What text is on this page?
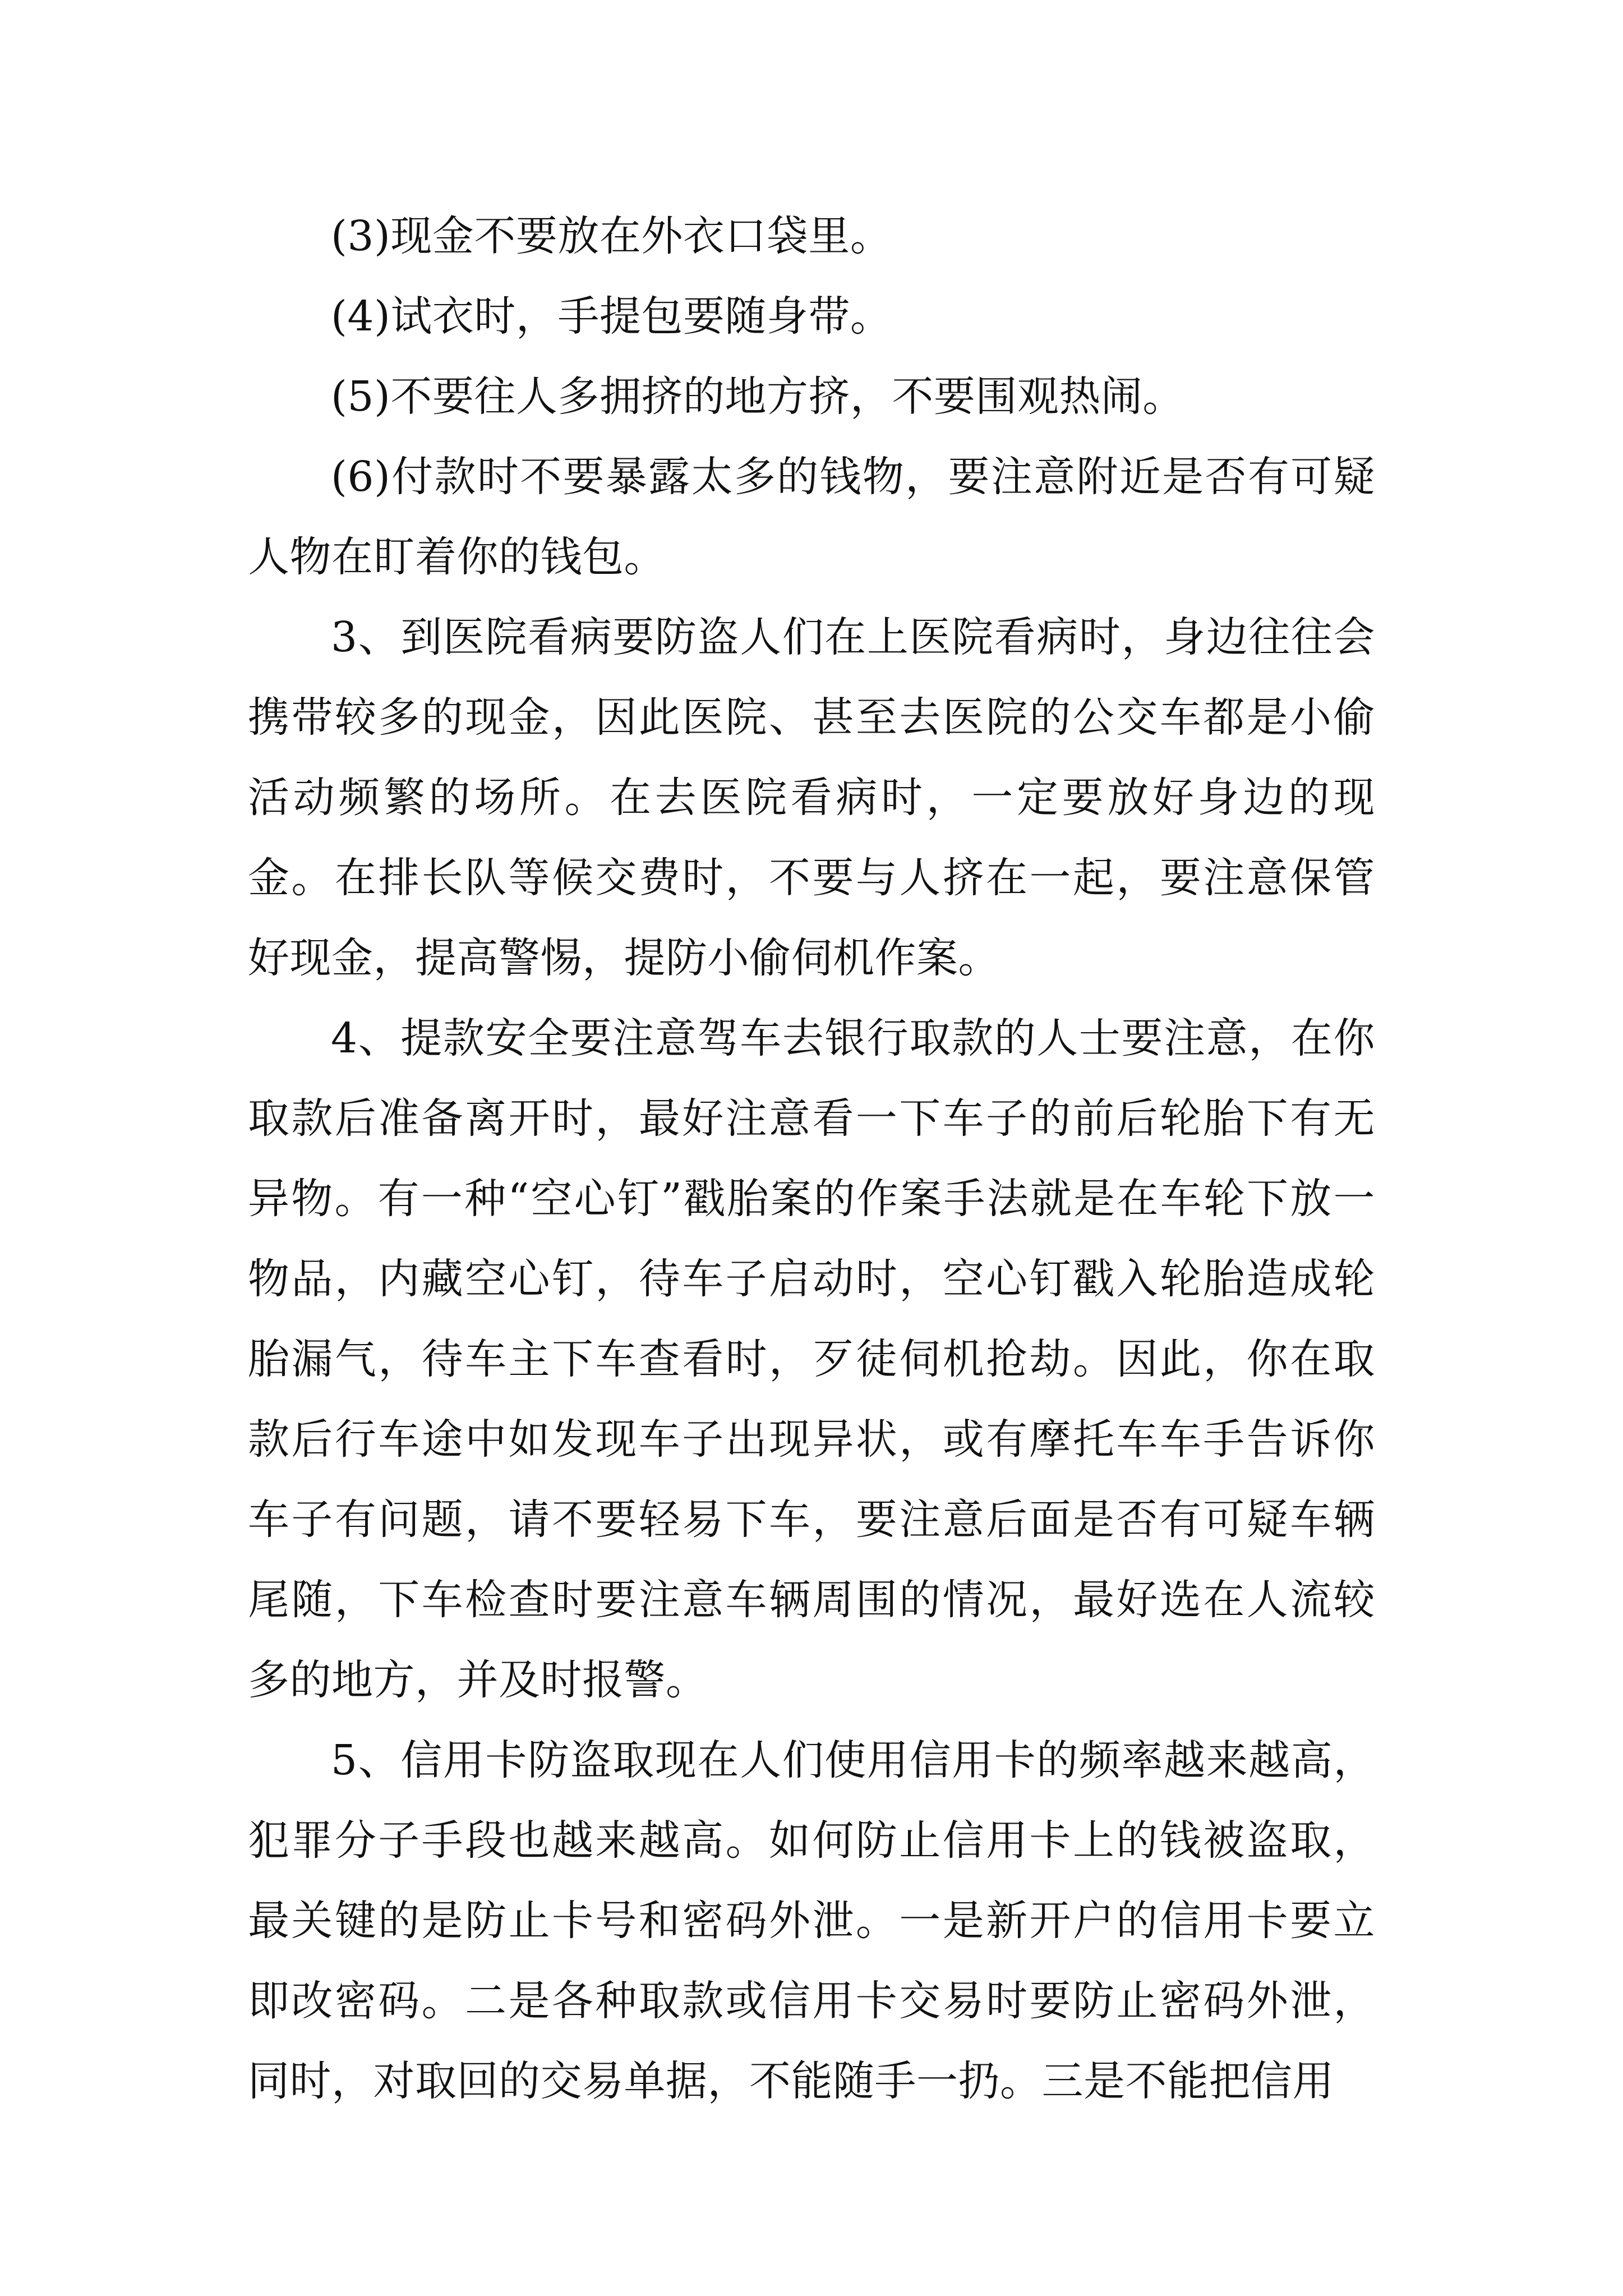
(3)现金不要放在外衣口袋里。

(4)试衣时，手提包要随身带。

(5)不要往人多拥挤的地方挤，不要围观热闹。

(6)付款时不要暴露太多的钱物，要注意附近是否有可疑人物在盯着你的钱包。

3、到医院看病要防盗人们在上医院看病时，身边往往会携带较多的现金，因此医院、甚至去医院的公交车都是小偷活动频繁的场所。在去医院看病时，一定要放好身边的现金。在排长队等候交费时，不要与人挤在一起，要注意保管好现金，提高警惕，提防小偷伺机作案。

4、提款安全要注意驾车去银行取款的人士要注意，在你取款后准备离开时，最好注意看一下车子的前后轮胎下有无异物。有一种“空心钉”戳胎案的作案手法就是在车轮下放一物品，内藏空心钉，待车子启动时，空心钉戳入轮胎造成轮胎漏气，待车主下车查看时，歹徒伺机抢劫。因此，你在取款后行车途中如发现车子出现异状，或有摩托车车手告诉你车子有问题，请不要轻易下车，要注意后面是否有可疑车辆尾随，下车检查时要注意车辆周围的情况，最好选在人流较多的地方，并及时报警。

5、信用卡防盗取现在人们使用信用卡的频率越来越高，犯罪分子手段也越来越高。如何防止信用卡上的钱被盗取，最关键的是防止卡号和密码外泄。一是新开户的信用卡要立即改密码。二是各种取款或信用卡交易时要防止密码外泄，同时，对取回的交易单据，不能随手一扔。三是不能把信用
